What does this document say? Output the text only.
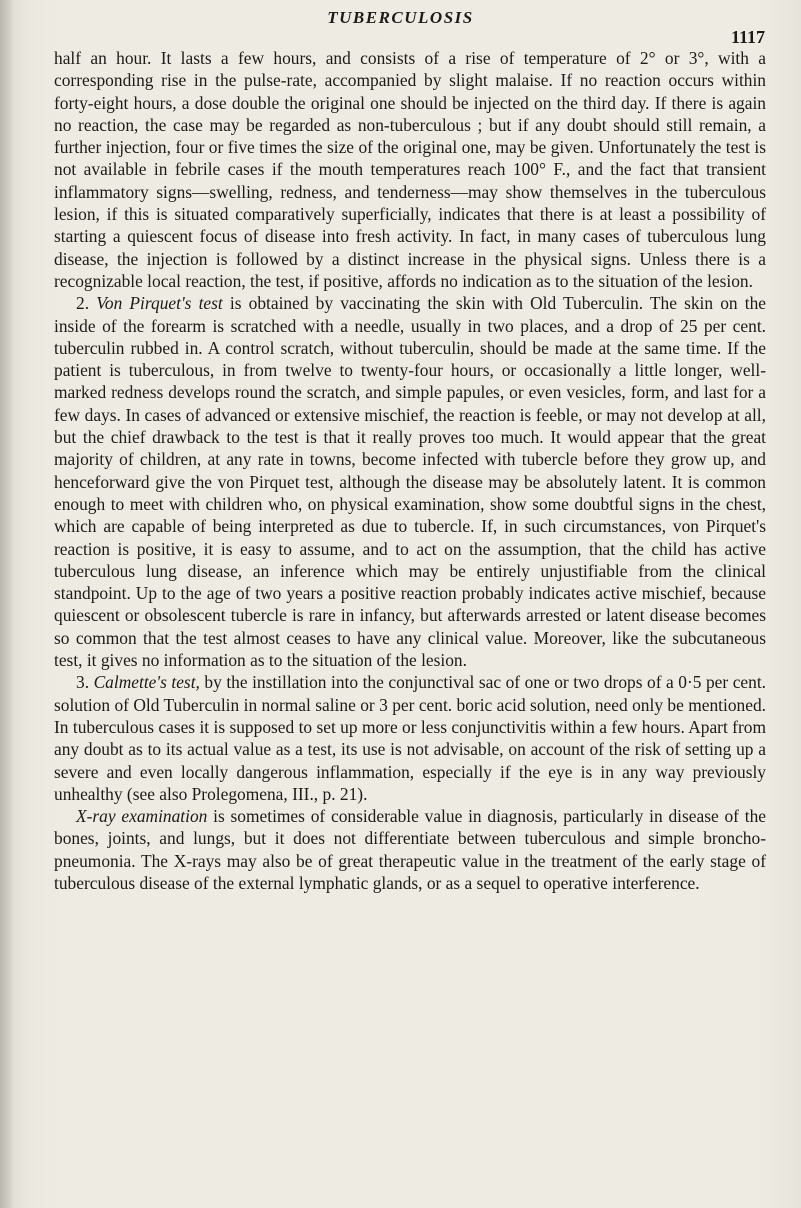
TUBERCULOSIS
1117

half an hour. It lasts a few hours, and consists of a rise of temperature of 2° or 3°, with a corresponding rise in the pulse-rate, accompanied by slight malaise. If no reaction occurs within forty-eight hours, a dose double the original one should be injected on the third day. If there is again no reaction, the case may be regarded as non-tuberculous ; but if any doubt should still remain, a further injection, four or five times the size of the original one, may be given. Unfortunately the test is not available in febrile cases if the mouth temperatures reach 100° F., and the fact that transient inflammatory signs—swelling, redness, and tenderness—may show themselves in the tuberculous lesion, if this is situated comparatively superficially, indicates that there is at least a possibility of starting a quiescent focus of disease into fresh activity. In fact, in many cases of tuberculous lung disease, the injection is followed by a distinct increase in the physical signs. Unless there is a recognizable local reaction, the test, if positive, affords no indication as to the situation of the lesion.

2. Von Pirquet's test is obtained by vaccinating the skin with Old Tuberculin. The skin on the inside of the forearm is scratched with a needle, usually in two places, and a drop of 25 per cent. tuberculin rubbed in. A control scratch, without tuberculin, should be made at the same time. If the patient is tuberculous, in from twelve to twenty-four hours, or occasionally a little longer, well-marked redness develops round the scratch, and simple papules, or even vesicles, form, and last for a few days. In cases of advanced or extensive mischief, the reaction is feeble, or may not develop at all, but the chief drawback to the test is that it really proves too much. It would appear that the great majority of children, at any rate in towns, become infected with tubercle before they grow up, and henceforward give the von Pirquet test, although the disease may be absolutely latent. It is common enough to meet with children who, on physical examination, show some doubtful signs in the chest, which are capable of being interpreted as due to tubercle. If, in such circumstances, von Pirquet's reaction is positive, it is easy to assume, and to act on the assumption, that the child has active tuberculous lung disease, an inference which may be entirely unjustifiable from the clinical standpoint. Up to the age of two years a positive reaction probably indicates active mischief, because quiescent or obsolescent tubercle is rare in infancy, but afterwards arrested or latent disease becomes so common that the test almost ceases to have any clinical value. Moreover, like the subcutaneous test, it gives no information as to the situation of the lesion.

3. Calmette's test, by the instillation into the conjunctival sac of one or two drops of a 0·5 per cent. solution of Old Tuberculin in normal saline or 3 per cent. boric acid solution, need only be mentioned. In tuberculous cases it is supposed to set up more or less conjunctivitis within a few hours. Apart from any doubt as to its actual value as a test, its use is not advisable, on account of the risk of setting up a severe and even locally dangerous inflammation, especially if the eye is in any way previously unhealthy (see also Prolegomena, III., p. 21).

X-ray examination is sometimes of considerable value in diagnosis, particularly in disease of the bones, joints, and lungs, but it does not differentiate between tuberculous and simple broncho-pneumonia. The X-rays may also be of great therapeutic value in the treatment of the early stage of tuberculous disease of the external lymphatic glands, or as a sequel to operative interference.
